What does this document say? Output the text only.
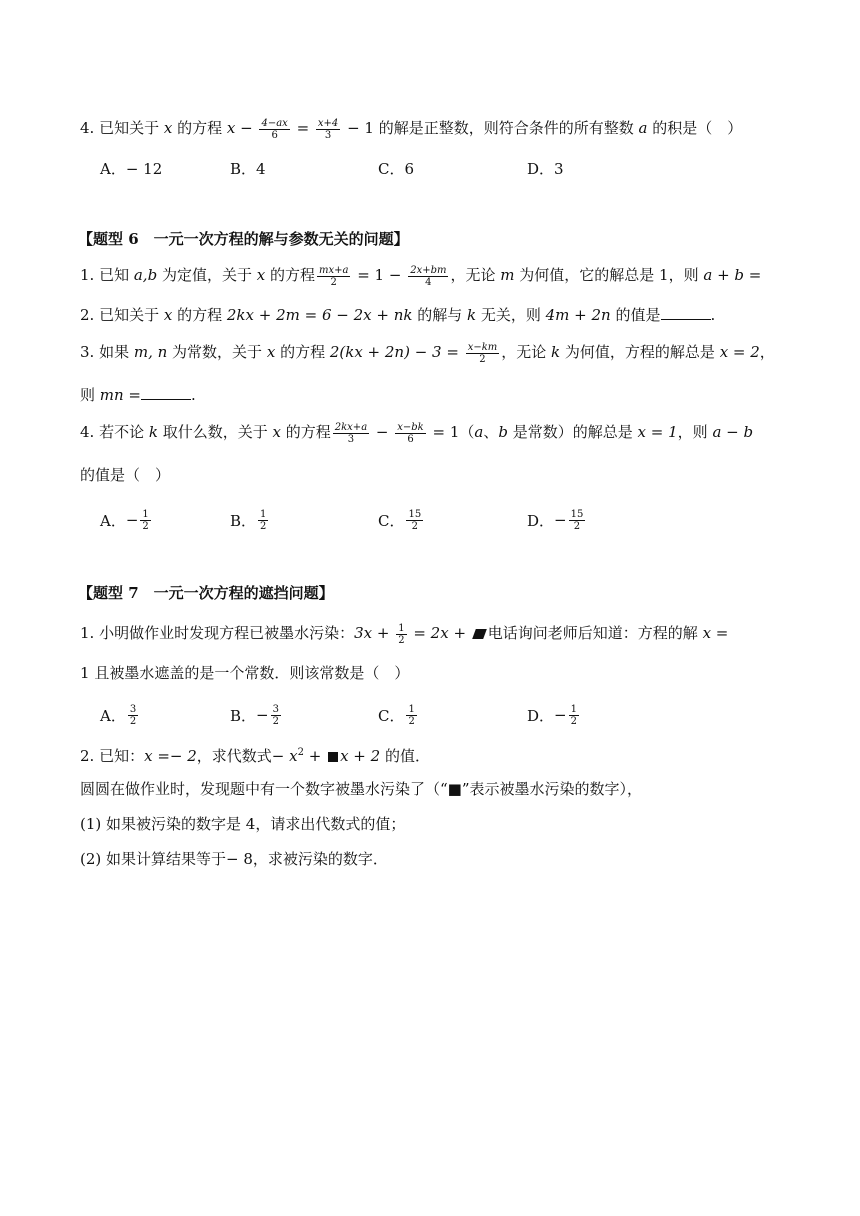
4. 已知关于 x 的方程 $x - \frac{4-ax}{6} = \frac{x+4}{3} - 1$ 的解是正整数，则符合条件的所有整数 a 的积是（　）
A．− 12	B．4	C．6	D．3
【题型 6　一元一次方程的解与参数无关的问题】
1. 已知 a,b 为定值，关于 x 的方程 $\frac{mx+a}{2} = 1 - \frac{2x+bm}{4}$ ，无论 m 为何值，它的解总是 1，则 a + b =
2. 已知关于 x 的方程 2kx + 2m = 6 − 2x + nk 的解与 k 无关，则 4m + 2n 的值是	.
3. 如果 m, n 为常数，关于 x 的方程 $2(kx + 2n) - 3 = \frac{x-km}{2}$ ，无论 k 为何值，方程的解总是 x = 2，
则 mn =	.
4. 若不论 k 取什么数，关于 x 的方程 $\frac{2kx+a}{3} - \frac{x-bk}{6} = 1(a$、b 是常数）的解总是 x = 1，则 a − b
的值是（　）
A． − $\frac{1}{2}$	B． $\frac{1}{2}$	C． $\frac{15}{2}$	D． − $\frac{15}{2}$
【题型 7　一元一次方程的遮挡问题】
1. 小明做作业时发现方程已被墨水污染：$3x + \frac{1}{2} = 2x$ + 电话询问老师后知道：方程的解 x =
1 且被墨水遮盖的是一个常数．则该常数是（　）
A． $\frac{3}{2}$	B． − $\frac{3}{2}$	C． $\frac{1}{2}$	D． − $\frac{1}{2}$
2. 已知：x =− 2，求代数式− $x^2 + x + 2$ 的值．
圆圆在做作业时，发现题中有一个数字被墨水污染了（“■”表示被墨水污染的数字），
(1) 如果被污染的数字是 4，请求出代数式的值；
(2) 如果计算结果等于− 8，求被污染的数字．
